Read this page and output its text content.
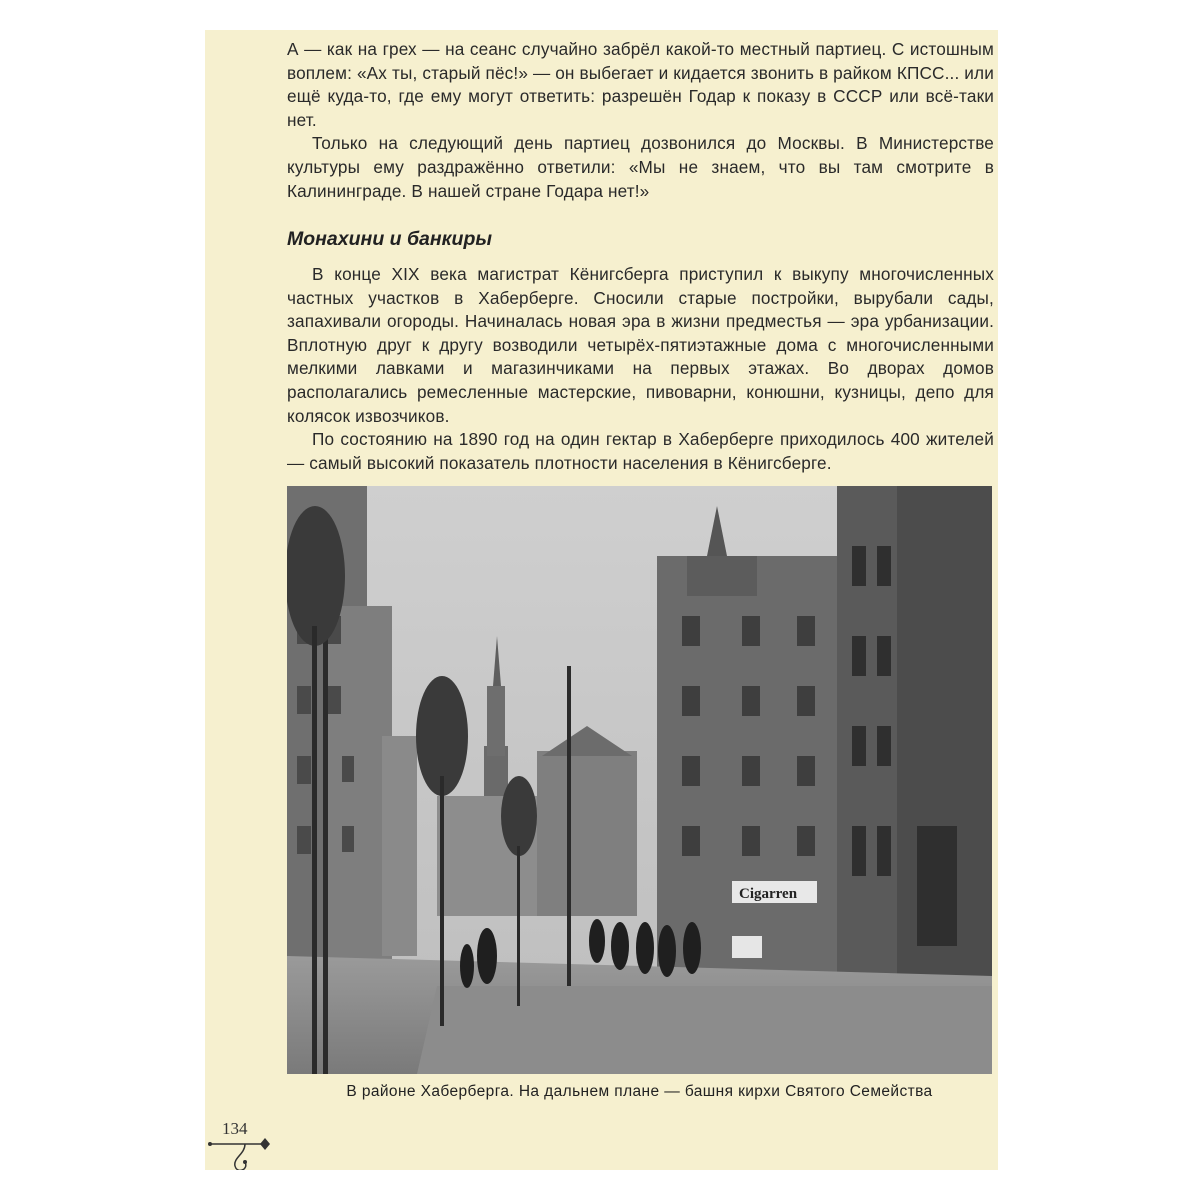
А — как на грех — на сеанс случайно забрёл какой-то местный партиец. С истошным воплем: «Ах ты, старый пёс!» — он выбегает и кидается звонить в райком КПСС... или ещё куда-то, где ему могут ответить: разрешён Годар к показу в СССР или всё-таки нет.

Только на следующий день партиец дозвонился до Москвы. В Министерстве культуры ему раздражённо ответили: «Мы не знаем, что вы там смотрите в Калининграде. В нашей стране Годара нет!»

Монахини и банкиры

В конце XIX века магистрат Кёнигсберга приступил к выкупу многочисленных частных участков в Хаберберге. Сносили старые постройки, вырубали сады, запахивали огороды. Начиналась новая эра в жизни предместья — эра урбанизации. Вплотную друг к другу возводили четырёх-пятиэтажные дома с многочисленными мелкими лавками и магазинчиками на первых этажах. Во дворах домов располагались ремесленные мастерские, пивоварни, конюшни, кузницы, депо для колясок извозчиков.

По состоянию на 1890 год на один гектар в Хаберберге приходилось 400 жителей — самый высокий показатель плотности населения в Кёнигсберге.

Cigarren
В районе Хаберберга. На дальнем плане — башня кирхи Святого Семейства
134
